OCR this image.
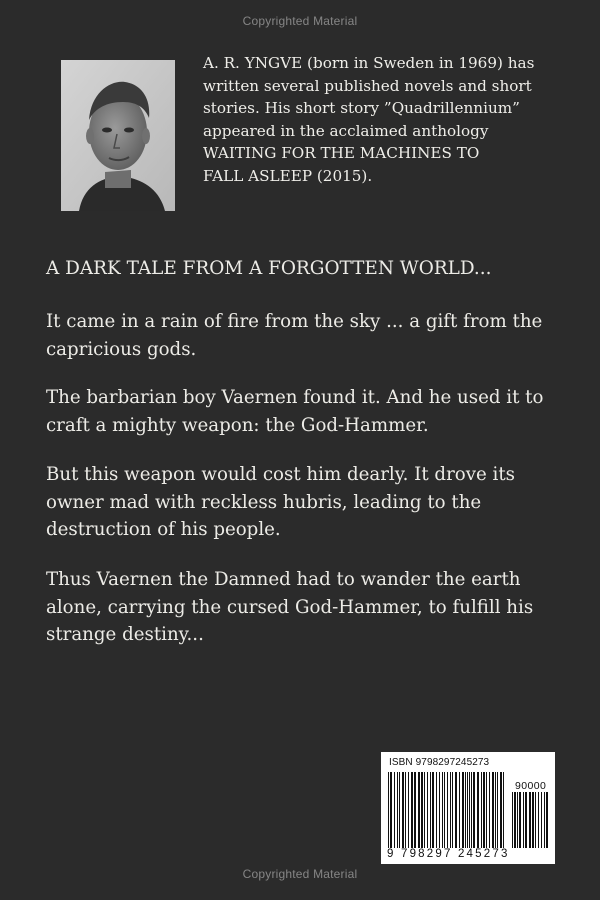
Copyrighted Material
A. R. YNGVE (born in Sweden in 1969) has
written several published novels and short
stories. His short story ”Quadrillennium”
appeared in the acclaimed anthology
WAITING FOR THE MACHINES TO
FALL ASLEEP (2015).
A DARK TALE FROM A FORGOTTEN WORLD...
It came in a rain of fire from the sky ... a gift from the capricious gods.
The barbarian boy Vaernen found it. And he used it to craft a mighty weapon: the God-Hammer.
But this weapon would cost him dearly. It drove its owner mad with reckless hubris, leading to the destruction of his people.
Thus Vaernen the Damned had to wander the earth alone, carrying the cursed God-Hammer, to fulfill his strange destiny...
ISBN 9798297245273
90000
9 798297 245273
Copyrighted Material
